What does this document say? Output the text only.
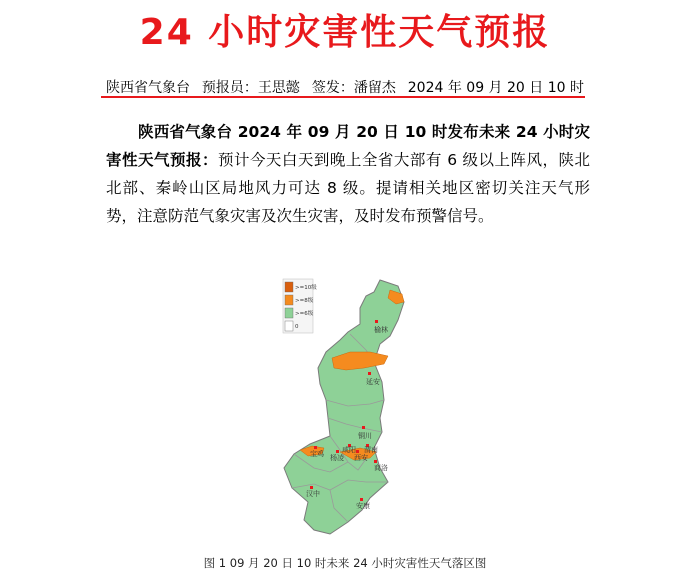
24 小时灾害性天气预报
陕西省气象台 预报员：王思懿 签发：潘留杰 2024 年 09 月 20 日 10 时
陕西省气象台 2024 年 09 月 20 日 10 时发布未来 24 小时灾害性天气预报：预计今天白天到晚上全省大部有 6 级以上阵风，陕北北部、秦岭山区局地风力可达 8 级。提请相关地区密切关注天气形势，注意防范气象灾害及次生灾害，及时发布预警信号。
榆林
延安
铜川
宝鸡	咸阳 渭南
杨凌 西安
商洛
汉中
安康
>=10级
>=8级
>=6级
0
图 1 09 月 20 日 10 时未来 24 小时灾害性天气落区图
